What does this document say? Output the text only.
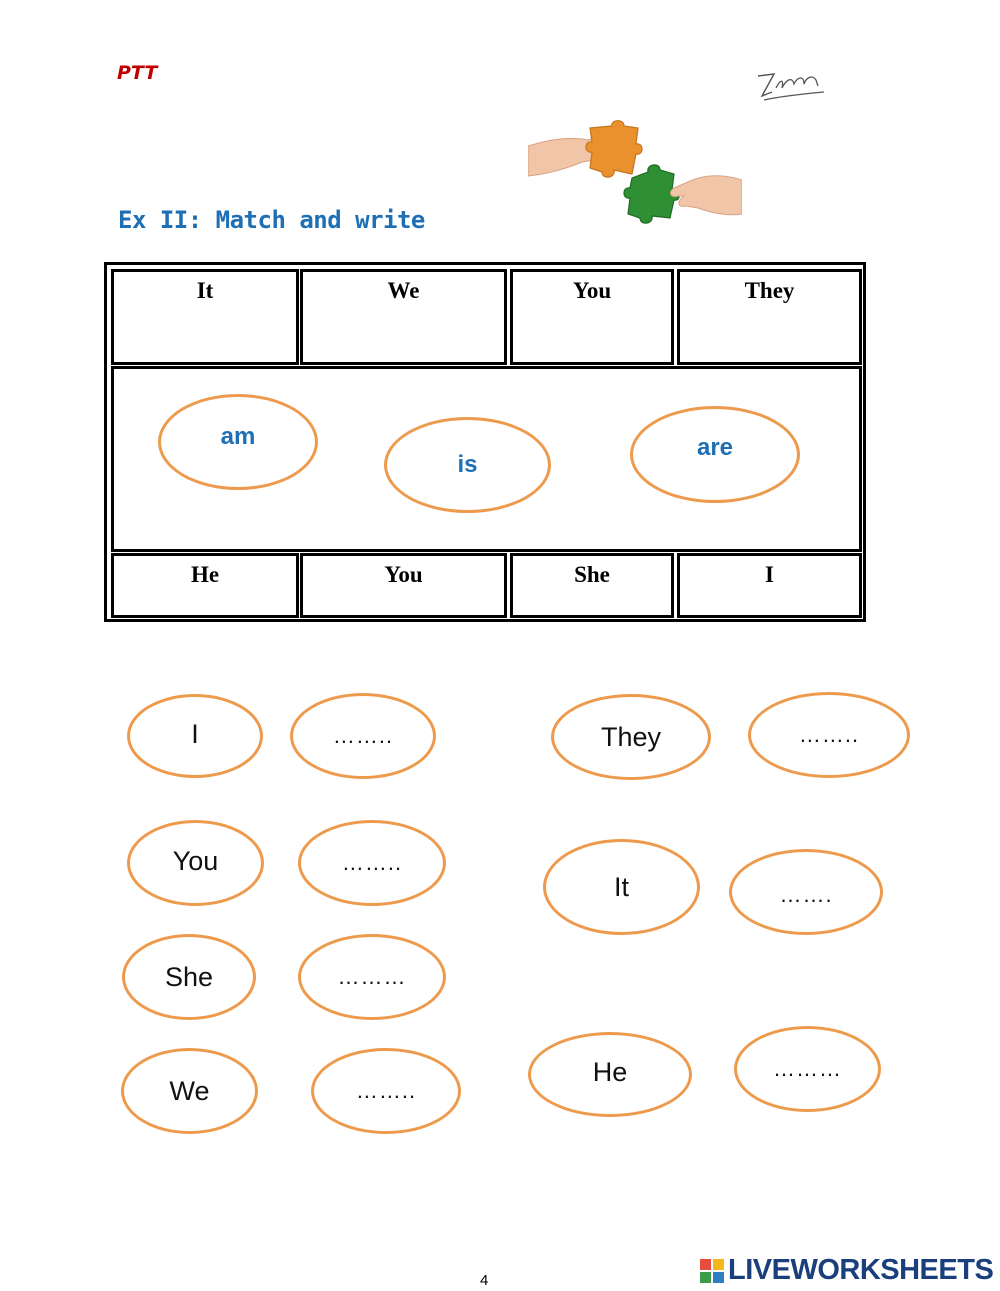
PTT
Ex II: Match and write
It	We	You	They
am
is
are
He	You	She	I
I	……..
You	……..
She	………
We	……..
They	……..
It	…….
He	………
4	LIVEWORKSHEETS
